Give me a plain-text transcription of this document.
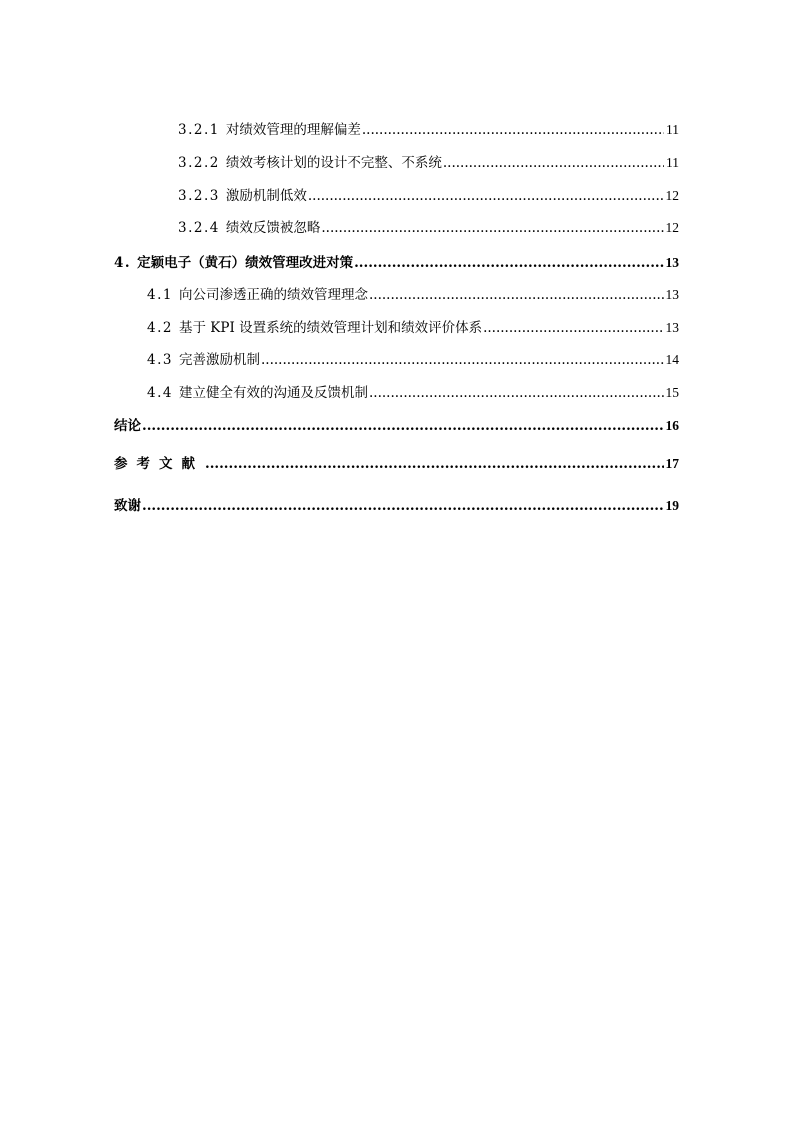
3.2.1 对绩效管理的理解偏差 .....	11
3.2.2 绩效考核计划的设计不完整、不系统 .....	11
3.2.3 激励机制低效 .....	12
3.2.4 绩效反馈被忽略 .....	12
4. 定颖电子（黄石）绩效管理改进对策 .....	13
4.1 向公司渗透正确的绩效管理理念 .....	13
4.2 基于 KPI 设置系统的绩效管理计划和绩效评价体系 .....	13
4.3 完善激励机制 .....	14
4.4 建立健全有效的沟通及反馈机制 .....	15
结论 .....	16
参考文献 .....	17
致谢 .....	19
